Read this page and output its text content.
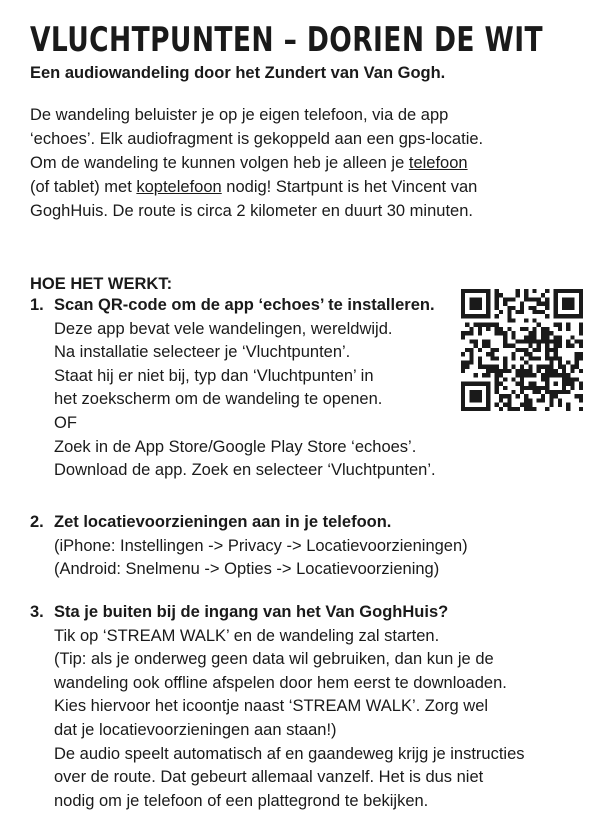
VLUCHTPUNTEN – DORIEN DE WIT
Een audiowandeling door het Zundert van Van Gogh.
De wandeling beluister je op je eigen telefoon, via de app
‘echoes’. Elk audiofragment is gekoppeld aan een gps-locatie.
Om de wandeling te kunnen volgen heb je alleen je telefoon
(of tablet) met koptelefoon nodig! Startpunt is het Vincent van
GoghHuis. De route is circa 2 kilometer en duurt 30 minuten.
HOE HET WERKT:
1. Scan QR-code om de app ‘echoes’ te installeren.
Deze app bevat vele wandelingen, wereldwijd.
Na installatie selecteer je ‘Vluchtpunten’.
Staat hij er niet bij, typ dan ‘Vluchtpunten’ in
het zoekscherm om de wandeling te openen.
OF
Zoek in de App Store/Google Play Store ‘echoes’.
Download de app. Zoek en selecteer ‘Vluchtpunten’.
2. Zet locatievoorzieningen aan in je telefoon.
(iPhone: Instellingen -> Privacy -> Locatievoorzieningen)
(Android: Snelmenu -> Opties -> Locatievoorziening)
3. Sta je buiten bij de ingang van het Van GoghHuis?
Tik op ‘STREAM WALK’ en de wandeling zal starten.
(Tip: als je onderweg geen data wil gebruiken, dan kun je de
wandeling ook offline afspelen door hem eerst te downloaden.
Kies hiervoor het icoontje naast ‘STREAM WALK’. Zorg wel
dat je locatievoorzieningen aan staan!)
De audio speelt automatisch af en gaandeweg krijg je instructies
over de route. Dat gebeurt allemaal vanzelf. Het is dus niet
nodig om je telefoon of een plattegrond te bekijken.
